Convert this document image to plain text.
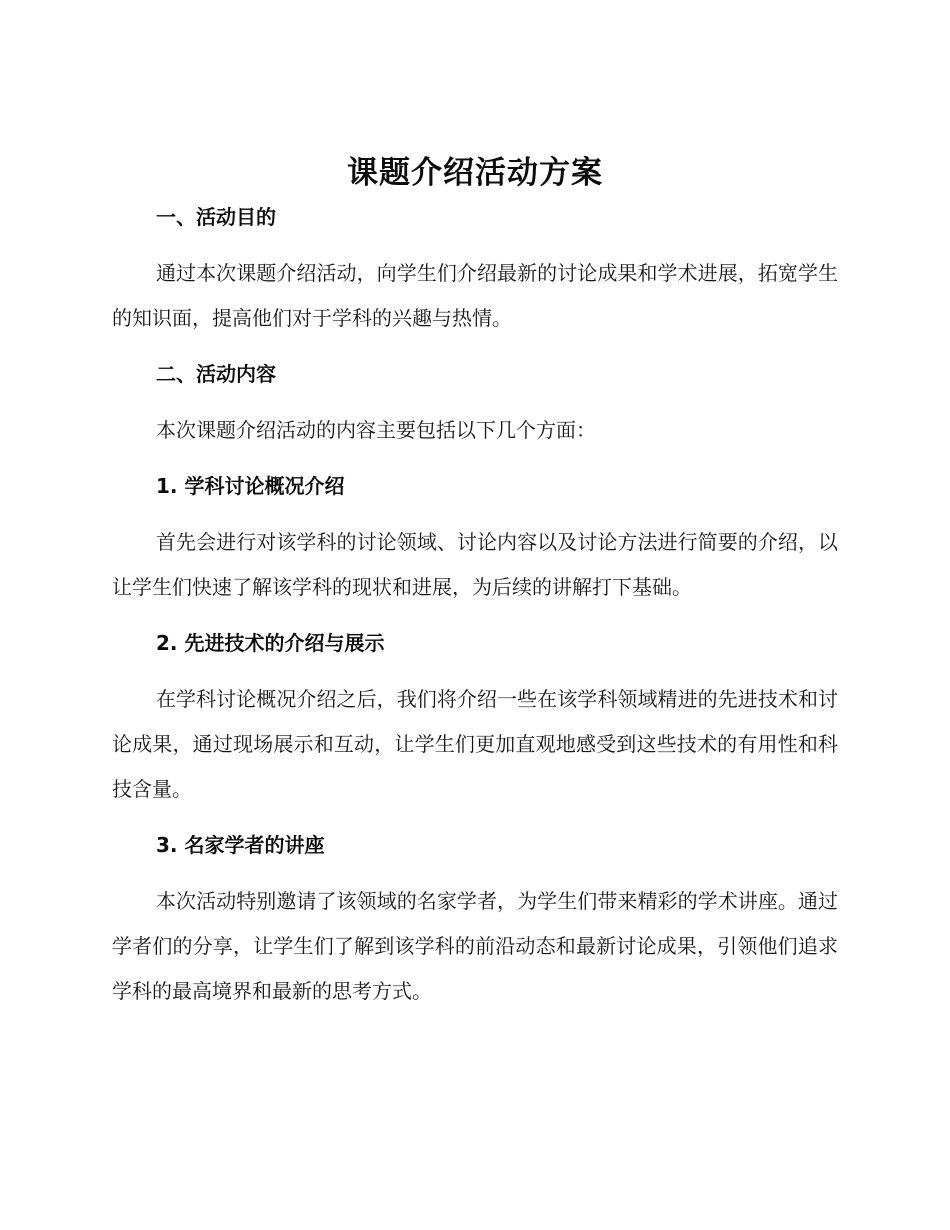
课题介绍活动方案

一、活动目的

通过本次课题介绍活动，向学生们介绍最新的讨论成果和学术进展，拓宽学生的知识面，提高他们对于学科的兴趣与热情。

二、活动内容

本次课题介绍活动的内容主要包括以下几个方面：

1. 学科讨论概况介绍

首先会进行对该学科的讨论领域、讨论内容以及讨论方法进行简要的介绍，以让学生们快速了解该学科的现状和进展，为后续的讲解打下基础。

2. 先进技术的介绍与展示

在学科讨论概况介绍之后，我们将介绍一些在该学科领域精进的先进技术和讨论成果，通过现场展示和互动，让学生们更加直观地感受到这些技术的有用性和科技含量。

3. 名家学者的讲座

本次活动特别邀请了该领域的名家学者，为学生们带来精彩的学术讲座。通过学者们的分享，让学生们了解到该学科的前沿动态和最新讨论成果，引领他们追求学科的最高境界和最新的思考方式。
